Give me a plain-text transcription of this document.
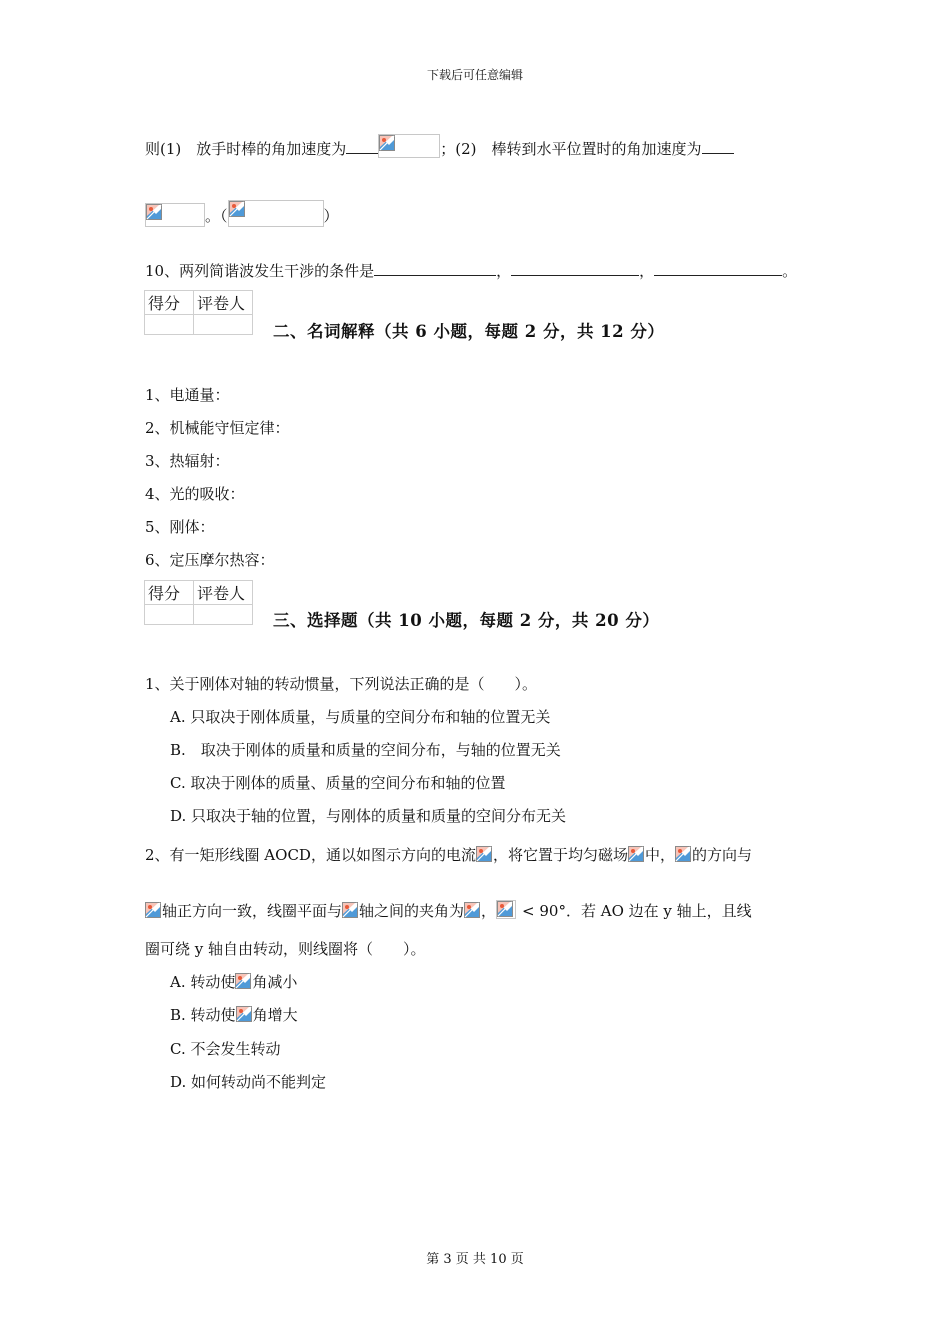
下载后可任意编辑
则(1)　放手时棒的角加速度为	；(2)　棒转到水平位置时的角加速度为
。（	）
10、两列简谐波发生干涉的条件是	，	，	。
得分	评卷人

二、名词解释（共 6 小题，每题 2 分，共 12 分）
1、电通量：
2、机械能守恒定律：
3、热辐射：
4、光的吸收：
5、刚体：
6、定压摩尔热容：
得分	评卷人

三、选择题（共 10 小题，每题 2 分，共 20 分）
1、关于刚体对轴的转动惯量，下列说法正确的是（　　）。
A. 只取决于刚体质量，与质量的空间分布和轴的位置无关
B.　取决于刚体的质量和质量的空间分布，与轴的位置无关
C. 取决于刚体的质量、质量的空间分布和轴的位置
D. 只取决于轴的位置，与刚体的质量和质量的空间分布无关
2、有一矩形线圈 AOCD，通以如图示方向的电流 ，将它置于均匀磁场 中， 的方向与
轴正方向一致，线圈平面与 轴之间的夹角为 ， < 90°．若 AO 边在 y 轴上，且线
圈可绕 y 轴自由转动，则线圈将（　　）。
A. 转动使 角减小
B. 转动使 角增大
C. 不会发生转动
D. 如何转动尚不能判定
第 3 页 共 10 页
